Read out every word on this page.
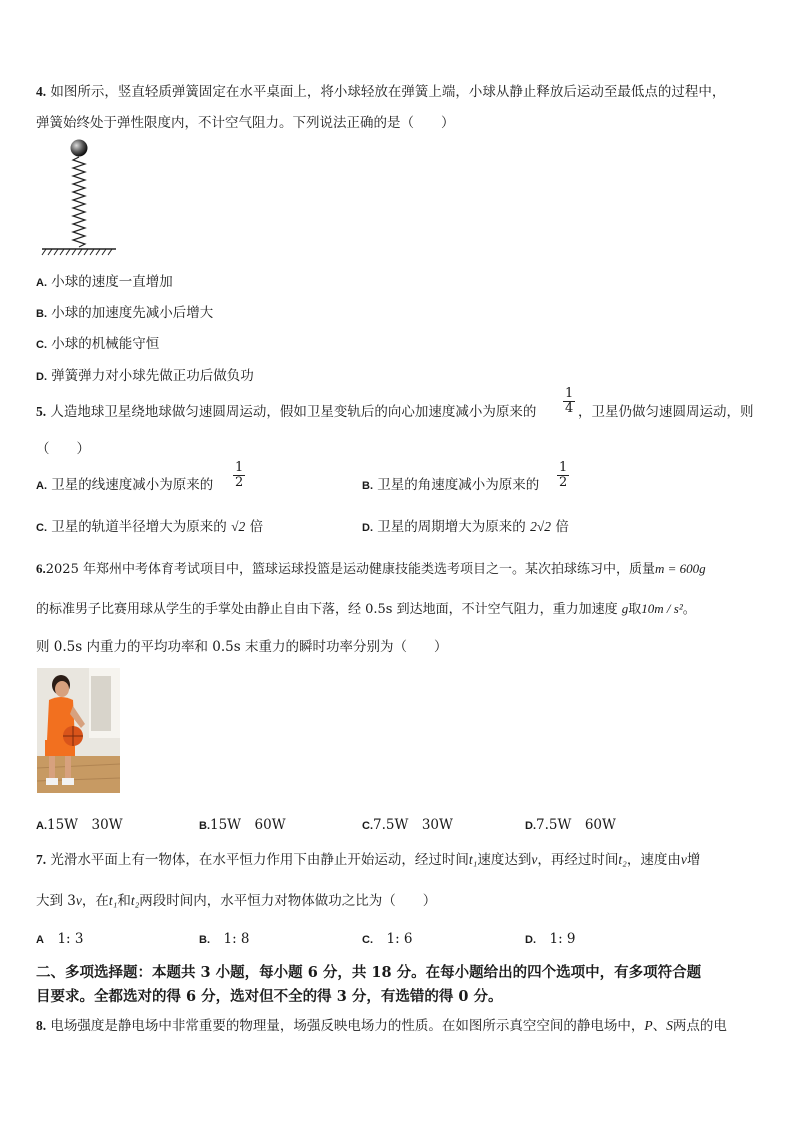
4. 如图所示，竖直轻质弹簧固定在水平桌面上，将小球轻放在弹簧上端，小球从静止释放后运动至最低点的过程中，
弹簧始终处于弹性限度内，不计空气阻力。下列说法正确的是（　　）
A. 小球的速度一直增加
B. 小球的加速度先减小后增大
C. 小球的机械能守恒
D. 弹簧弹力对小球先做正功后做负功
5. 人造地球卫星绕地球做匀速圆周运动，假如卫星变轨后的向心加速度减小为原来的 $\frac{1}{4}$ ，卫星仍做匀速圆周运动，则
（　　）
A. 卫星的线速度减小为原来的 $\frac{1}{2}$	B. 卫星的角速度减小为原来的 $\frac{1}{2}$
C. 卫星的轨道半径增大为原来的 √2 倍	D. 卫星的周期增大为原来的 2√2 倍
6.2025 年郑州中考体育考试项目中，篮球运球投篮是运动健康技能类选考项目之一。某次拍球练习中，质量m = 600g
的标准男子比赛用球从学生的手掌处由静止自由下落，经 0.5s 到达地面，不计空气阻力，重力加速度 g取10m / s²。
则 0.5s 内重力的平均功率和 0.5s 末重力的瞬时功率分别为（　　）
A.15W　30W	B.15W　60W	C.7.5W　30W	D.7.5W　60W
7. 光滑水平面上有一物体，在水平恒力作用下由静止开始运动，经过时间t₁速度达到v，再经过时间t₂，速度由v增
大到 3v，在t₁和t₂两段时间内，水平恒力对物体做功之比为（　　）
A　 1: 3	B.　 1: 8	C.　 1: 6	D.　 1: 9
二、多项选择题：本题共 3 小题，每小题 6 分，共 18 分。在每小题给出的四个选项中，有多项符合题
目要求。全都选对的得 6 分，选对但不全的得 3 分，有选错的得 0 分。
8. 电场强度是静电场中非常重要的物理量，场强反映电场力的性质。在如图所示真空空间的静电场中，P、S两点的电
